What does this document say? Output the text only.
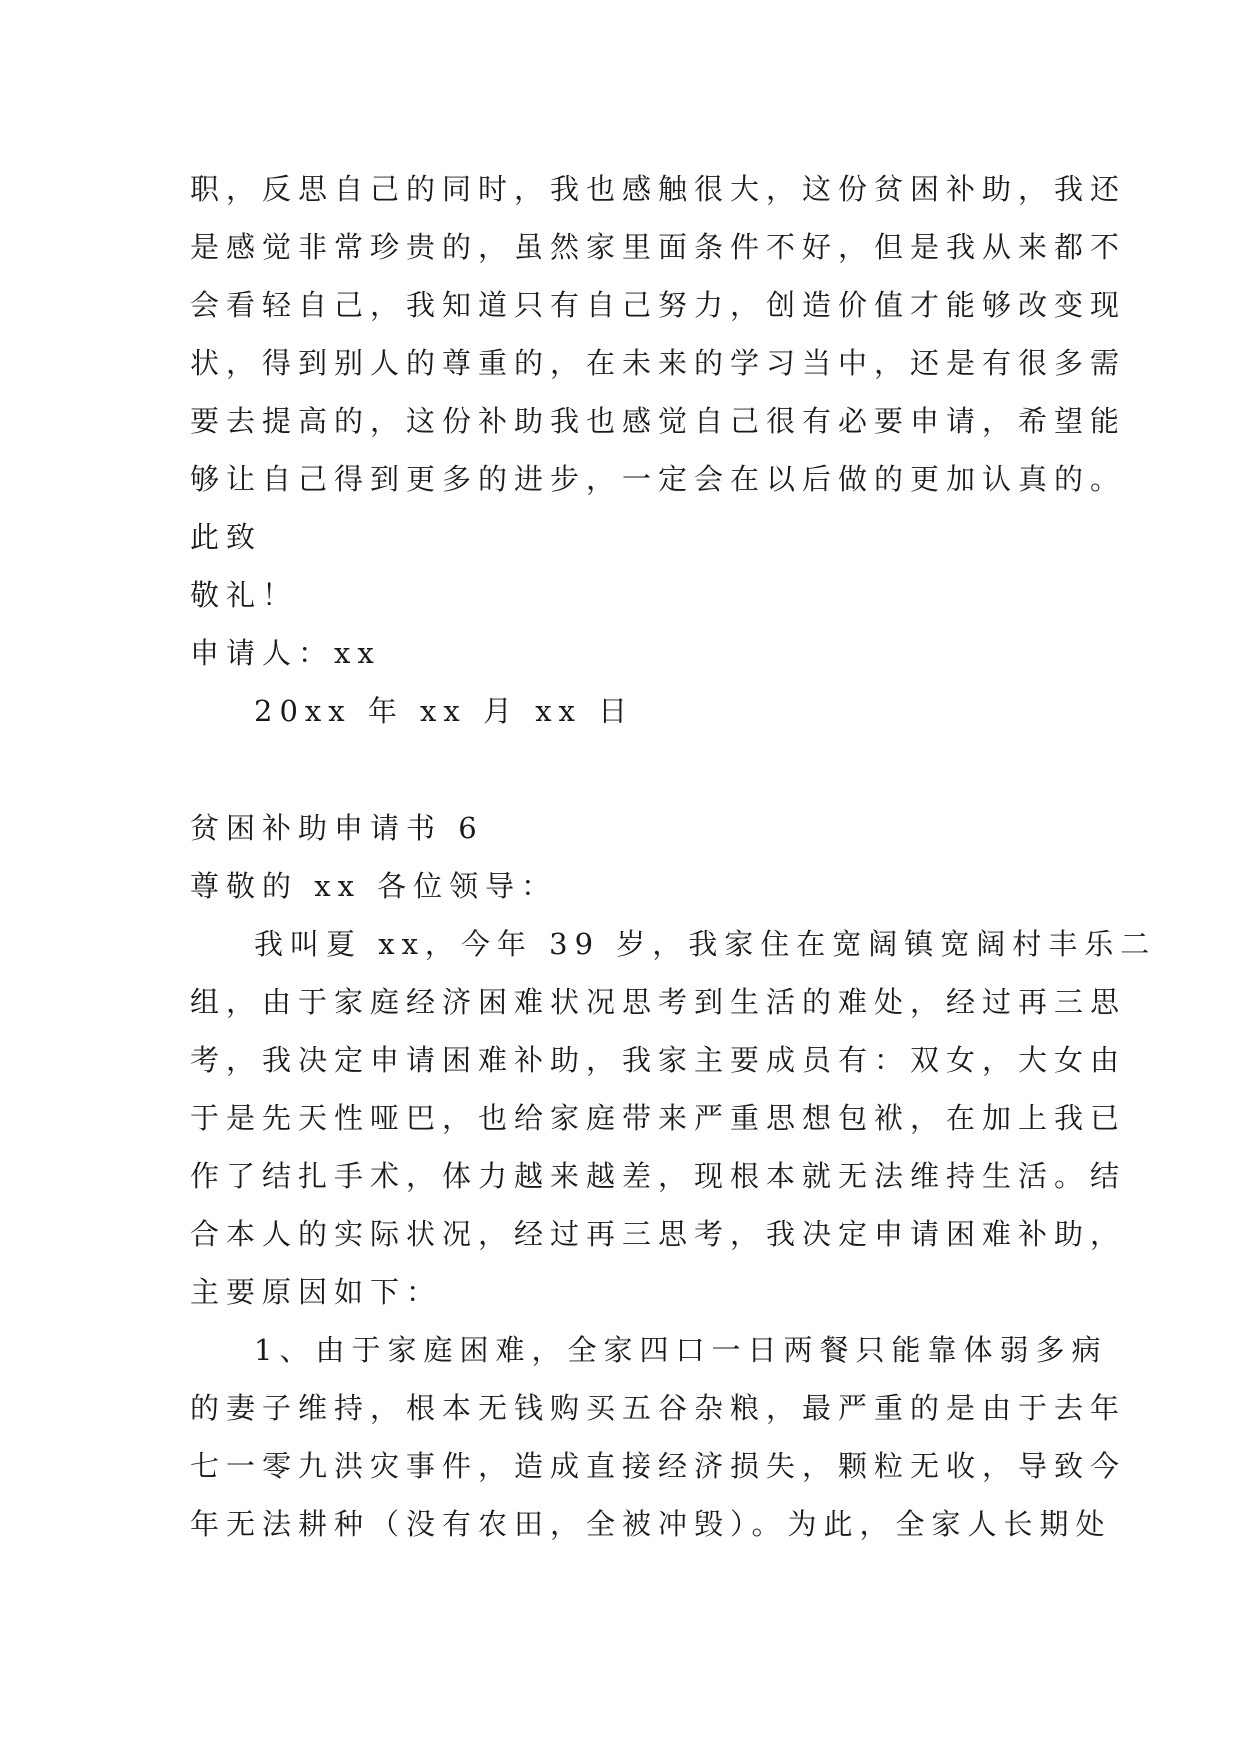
职，反思自己的同时，我也感触很大，这份贫困补助，我还
是感觉非常珍贵的，虽然家里面条件不好，但是我从来都不
会看轻自己，我知道只有自己努力，创造价值才能够改变现
状，得到别人的尊重的，在未来的学习当中，还是有很多需
要去提高的，这份补助我也感觉自己很有必要申请，希望能
够让自己得到更多的进步，一定会在以后做的更加认真的。
此致
敬礼！
申请人：xx
20xx 年 xx 月 xx 日
贫困补助申请书 6
尊敬的 xx 各位领导：
我叫夏 xx，今年 39 岁，我家住在宽阔镇宽阔村丰乐二
组，由于家庭经济困难状况思考到生活的难处，经过再三思
考，我决定申请困难补助，我家主要成员有：双女，大女由
于是先天性哑巴，也给家庭带来严重思想包袱，在加上我已
作了结扎手术，体力越来越差，现根本就无法维持生活。结
合本人的实际状况，经过再三思考，我决定申请困难补助，
主要原因如下：
1、由于家庭困难，全家四口一日两餐只能靠体弱多病
的妻子维持，根本无钱购买五谷杂粮，最严重的是由于去年
七一零九洪灾事件，造成直接经济损失，颗粒无收，导致今
年无法耕种（没有农田，全被冲毁）。为此，全家人长期处
